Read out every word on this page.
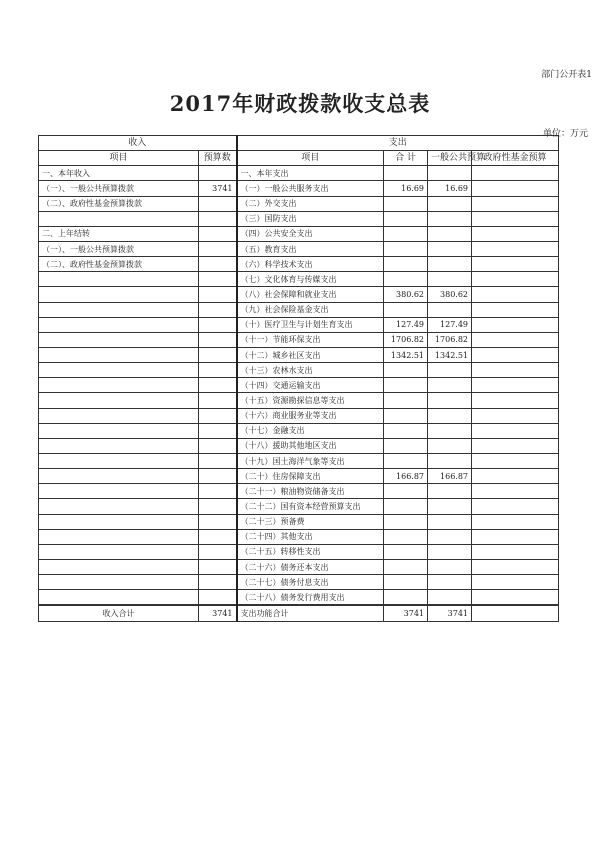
部门公开表1
2017年财政拨款收支总表
单位：万元
收入		支出			
项目	预算数	项目	合 计	一般公共预算	政府性基金预算
一、本年收入		一、本年支出			
（一）、一般公共预算拨款	3741	（一）一般公共服务支出	16.69	16.69	
（二）、政府性基金预算拨款		（二）外交支出			
		（三）国防支出			
二、上年结转		（四）公共安全支出			
（一）、一般公共预算拨款		（五）教育支出			
（二）、政府性基金预算拨款		（六）科学技术支出			
		（七）文化体育与传媒支出			
		（八）社会保障和就业支出	380.62	380.62	
		（九）社会保险基金支出			
		（十）医疗卫生与计划生育支出	127.49	127.49	
		（十一）节能环保支出	1706.82	1706.82	
		（十二）城乡社区支出	1342.51	1342.51	
		（十三）农林水支出			
		（十四）交通运输支出			
		（十五）资源勘探信息等支出			
		（十六）商业服务业等支出			
		（十七）金融支出			
		（十八）援助其他地区支出			
		（十九）国土海洋气象等支出			
		（二十）住房保障支出	166.87	166.87	
		（二十一）粮油物资储备支出			
		（二十二）国有资本经营预算支出			
		（二十三）预备费			
		（二十四）其他支出			
		（二十五）转移性支出			
		（二十六）债务还本支出			
		（二十七）债务付息支出			
		（二十八）债务发行费用支出			

收入合计	3741	支出功能合计	3741	3741	
